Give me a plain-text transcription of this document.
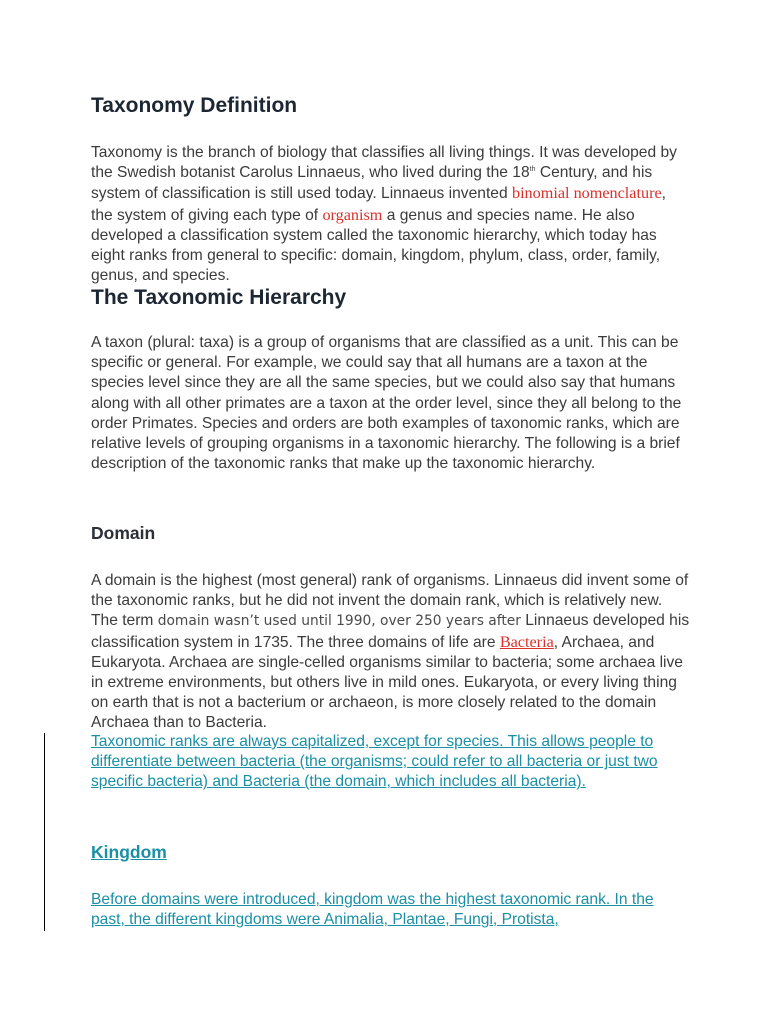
Taxonomy Definition

Taxonomy is the branch of biology that classifies all living things. It was developed by the Swedish botanist Carolus Linnaeus, who lived during the 18th Century, and his system of classification is still used today. Linnaeus invented binomial nomenclature, the system of giving each type of organism a genus and species name. He also developed a classification system called the taxonomic hierarchy, which today has eight ranks from general to specific: domain, kingdom, phylum, class, order, family, genus, and species.

The Taxonomic Hierarchy

A taxon (plural: taxa) is a group of organisms that are classified as a unit. This can be specific or general. For example, we could say that all humans are a taxon at the species level since they are all the same species, but we could also say that humans along with all other primates are a taxon at the order level, since they all belong to the order Primates. Species and orders are both examples of taxonomic ranks, which are relative levels of grouping organisms in a taxonomic hierarchy. The following is a brief description of the taxonomic ranks that make up the taxonomic hierarchy.

Domain

A domain is the highest (most general) rank of organisms. Linnaeus did invent some of the taxonomic ranks, but he did not invent the domain rank, which is relatively new. The term domain wasn’t used until 1990, over 250 years after Linnaeus developed his classification system in 1735. The three domains of life are Bacteria, Archaea, and Eukaryota. Archaea are single-celled organisms similar to bacteria; some archaea live in extreme environments, but others live in mild ones. Eukaryota, or every living thing on earth that is not a bacterium or archaeon, is more closely related to the domain Archaea than to Bacteria.

Taxonomic ranks are always capitalized, except for species. This allows people to differentiate between bacteria (the organisms; could refer to all bacteria or just two specific bacteria) and Bacteria (the domain, which includes all bacteria).

Kingdom

Before domains were introduced, kingdom was the highest taxonomic rank. In the past, the different kingdoms were Animalia, Plantae, Fungi, Protista,
